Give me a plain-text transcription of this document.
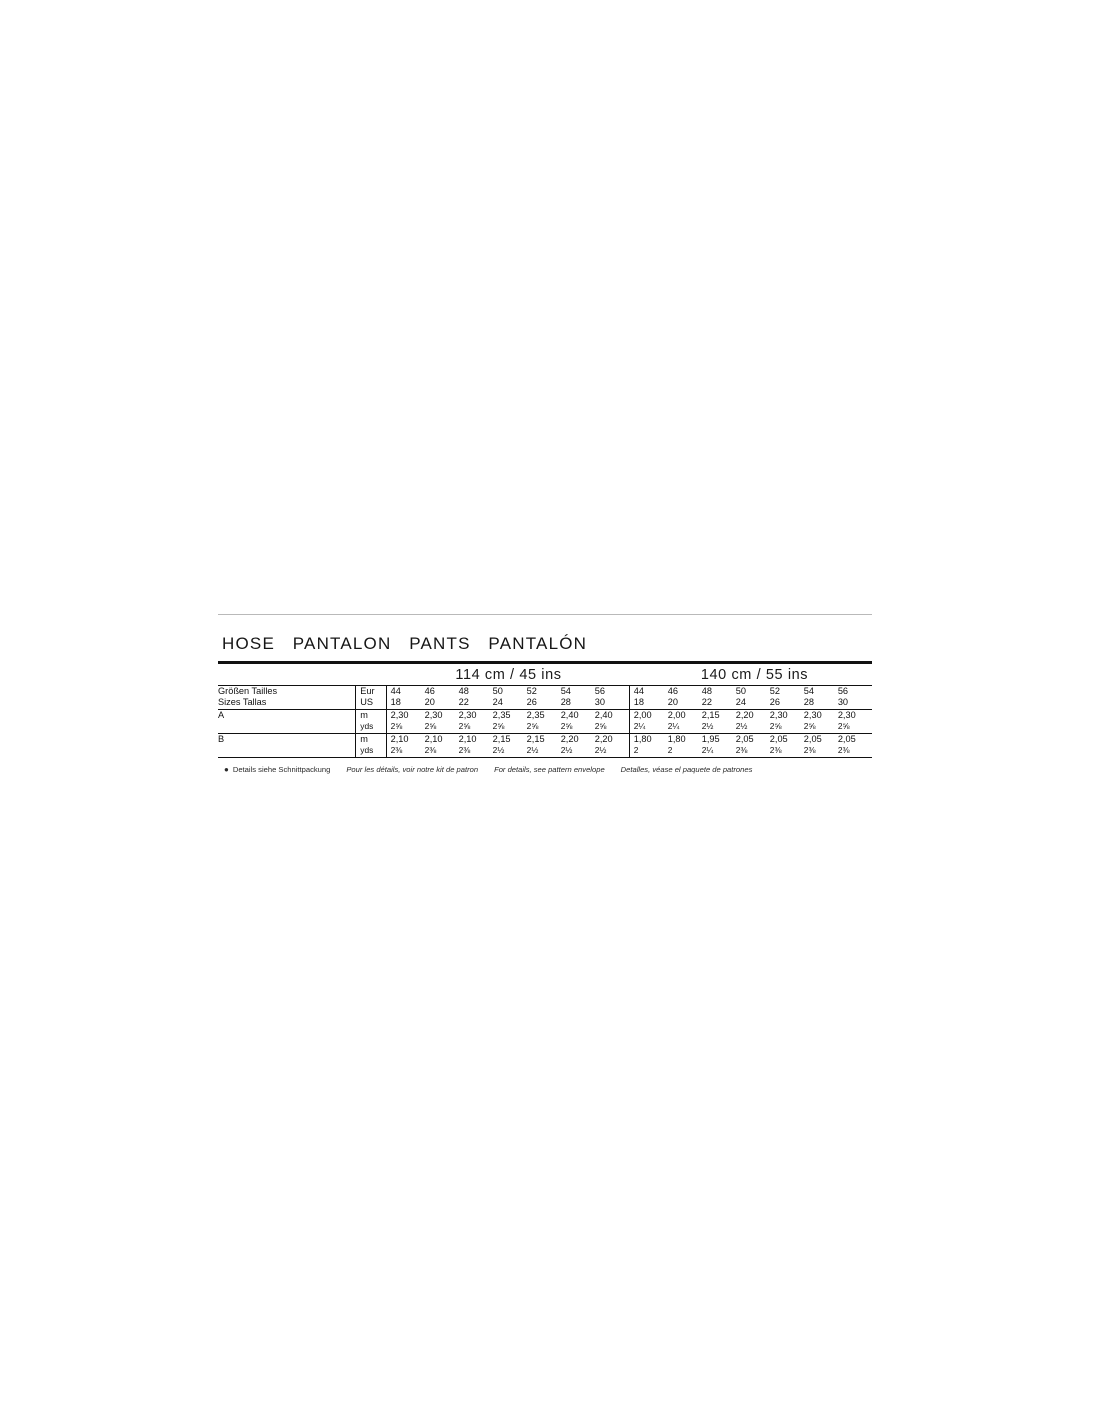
HOSE   PANTALON   PANTS   PANTALÓN
114 cm / 45 ins	140 cm / 55 ins

Größen Tailles	Eur	44	46	48	50	52	54	56	44	46	48	50	52	54	56
Sizes Tallas	US	18	20	22	24	26	28	30	18	20	22	24	26	28	30

A	m	2,30	2,30	2,30	2,35	2,35	2,40	2,40	2,00	2,00	2,15	2,20	2,30	2,30	2,30
	yds	2⅝	2⅝	2⅝	2⅝	2⅝	2⅝	2⅝	2¼	2¼	2½	2½	2⅝	2⅝	2⅝

B	m	2,10	2,10	2,10	2,15	2,15	2,20	2,20	1,80	1,80	1,95	2,05	2,05	2,05	2,05
	yds	2⅜	2⅜	2⅜	2½	2½	2½	2½	2	2	2¼	2⅜	2⅜	2⅜	2⅜

● Details siehe Schnittpackung Pour les détails, voir notre kit de patron For details, see pattern envelope Detalles, véase el paquete de patrones
